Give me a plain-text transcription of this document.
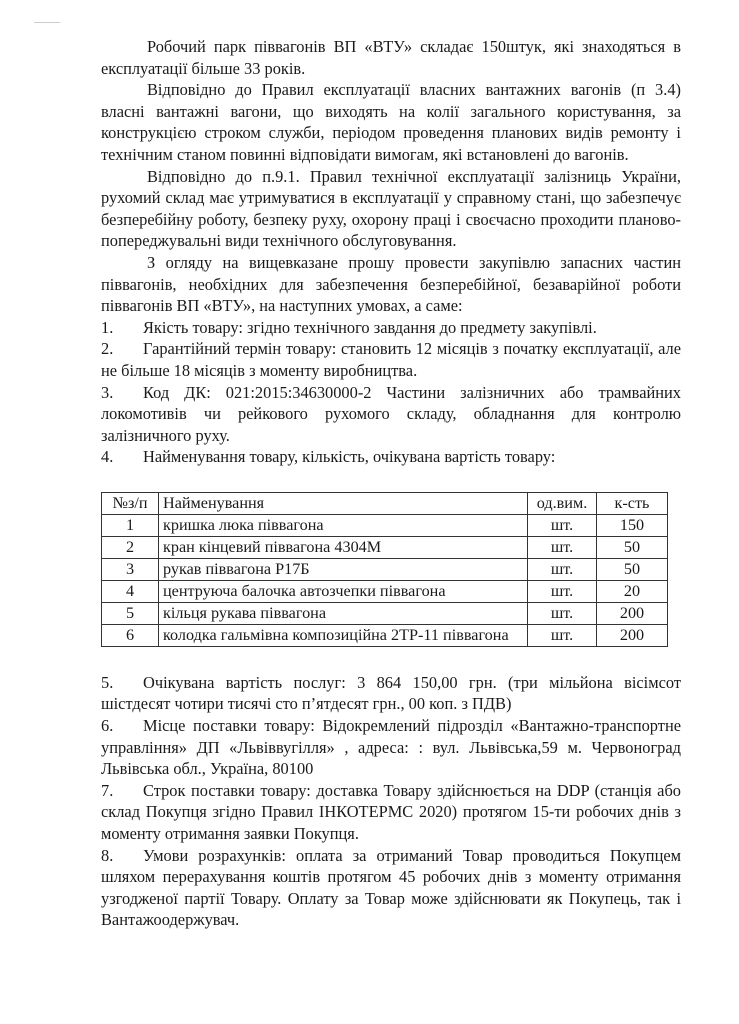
Робочий парк піввагонів ВП «ВТУ» складає 150штук, які знаходяться в експлуатації більше 33 років.

Відповідно до Правил експлуатації власних вантажних вагонів (п 3.4) власні вантажні вагони, що виходять на колії загального користування, за конструкцією строком служби, періодом проведення планових видів ремонту і технічним станом повинні відповідати вимогам, які встановлені до вагонів.

Відповідно до п.9.1. Правил технічної експлуатації залізниць України, рухомий склад має утримуватися в експлуатації у справному стані, що забезпечує безперебійну роботу, безпеку руху, охорону праці і своєчасно проходити планово-попереджувальні види технічного обслуговування.

З огляду на вищевказане прошу провести закупівлю запасних частин піввагонів, необхідних для забезпечення безперебійної, безаварійної роботи піввагонів ВП «ВТУ», на наступних умовах, а саме:

1. Якість товару: згідно технічного завдання до предмету закупівлі.

2. Гарантійний термін товару: становить 12 місяців з початку експлуатації, але не більше 18 місяців з моменту виробництва.

3. Код ДК: 021:2015:34630000-2 Частини залізничних або трамвайних локомотивів чи рейкового рухомого складу, обладнання для контролю залізничного руху.

4. Найменування товару, кількість, очікувана вартість товару:

№з/п	Найменування	од.вим.	к-сть
1	кришка люка піввагона	шт.	150
2	кран кінцевий піввагона 4304М	шт.	50
3	рукав піввагона Р17Б	шт.	50
4	центруюча балочка автозчепки піввагона	шт.	20
5	кільця рукава піввагона	шт.	200
6	колодка гальмівна композиційна 2ТР-11 піввагона	шт.	200

5. Очікувана вартість послуг: 3 864 150,00 грн. (три мільйона вісімсот шістдесят чотири тисячі сто п’ятдесят грн., 00 коп. з ПДВ)

6. Місце поставки товару: Відокремлений підрозділ «Вантажно-транспортне управління» ДП «Львіввугілля» , адреса: : вул. Львівська,59 м. Червоноград Львівська обл., Україна, 80100

7. Строк поставки товару: доставка Товару здійснюється на DDP (станція або склад Покупця згідно Правил ІНКОТЕРМС 2020) протягом 15-ти робочих днів з моменту отримання заявки Покупця.

8. Умови розрахунків: оплата за отриманий Товар проводиться Покупцем шляхом перерахування коштів протягом 45 робочих днів з моменту отримання узгодженої партії Товару. Оплату за Товар може здійснювати як Покупець, так і Вантажоодержувач.
